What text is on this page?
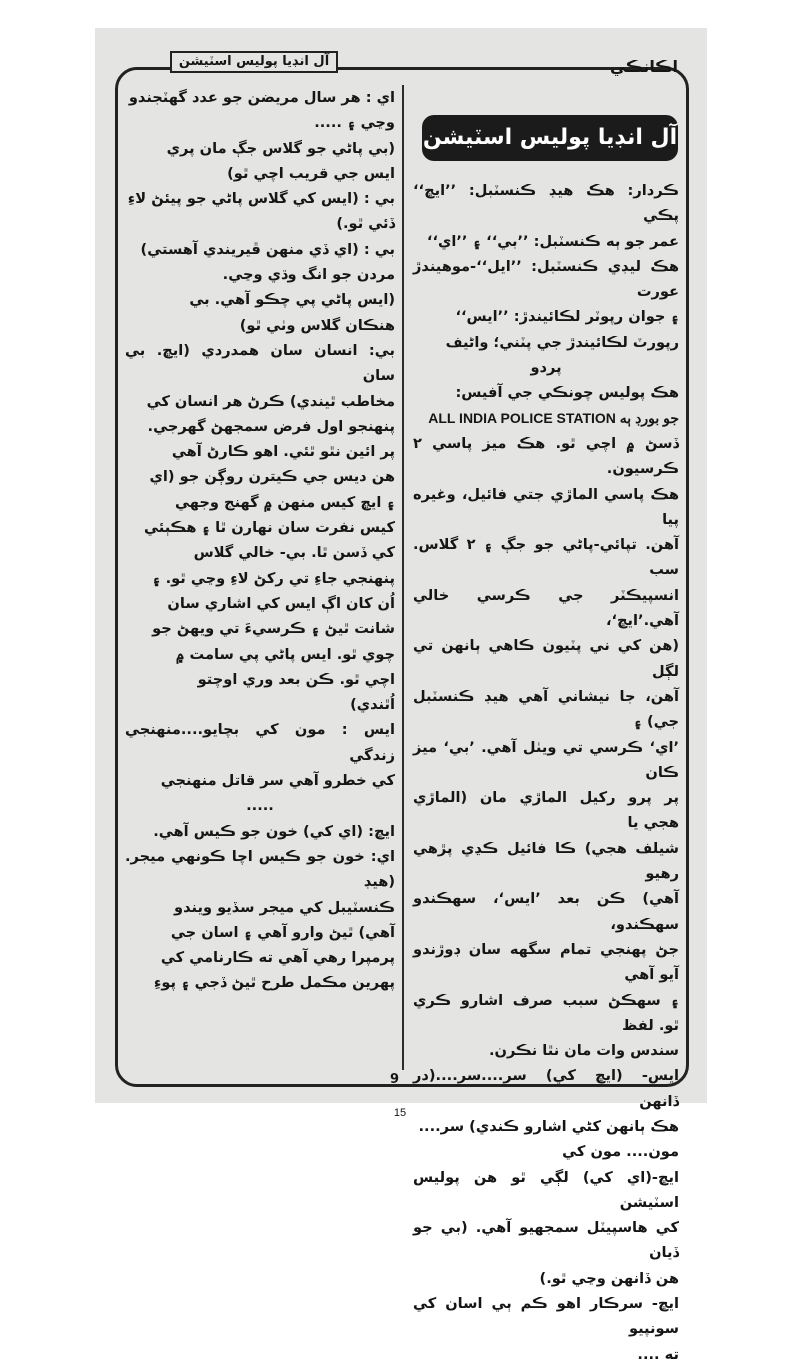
آل انڊيا پوليس اسٽيشن	اڪانڪي
آل انڊيا پوليس اسٽيشن

اي : هر سال مريضن جو عدد گهٽجندو

وڃي ۽ .....

(بي پاڻي جو گلاس جڳ مان پري

ايس جي قريب اچي ٿو)

بي : (ايس کي گلاس پاڻي جو پيئڻ لاءِ

ڏئي ٿو.)

بي : (اي ڏي منهن ڦيريندي آهستي)

مردن جو انگ وڌي وڃي.

(ايس پاڻي پي چڪو آهي. بي

هنڪان گلاس وٺي ٿو)

بي: انسان سان همدردي (ايڇ. بي سان

مخاطب ٿيندي) ڪرڻ هر انسان کي

پنهنجو اول فرض سمجهڻ گهرجي.

پر ائين نٿو ٿئي. اهو ڪارڻ آهي

هن ديس جي ڪيترن روڳن جو (اي

۽ ايڇ کيس منهن ۾ گهنج وجهي

کيس نفرت سان نهارن ٿا ۽ هڪٻئي

کي ڏسن ٿا. بي- خالي گلاس

پنهنجي جاءِ تي رکڻ لاءِ وڃي ٿو. ۽

اُن کان اڳ ايس کي اشاري سان

شانت ٿيڻ ۽ ڪرسيءَ تي ويهڻ جو

چوي ٿو. ايس پاڻي پي سامت ۾

اچي ٿو. ڪن بعد وري اوچتو

اُٿندي)

ايس : مون کي بچايو....منهنجي زندگي

کي خطرو آهي سر قاتل منهنجي

.....

ايڇ: (اي کي) خون جو ڪيس آهي.

اي: خون جو ڪيس اچا ڪونهي ميجر. (هيڊ

ڪنسٽيبل کي ميجر سڏيو ويندو

آهي) ٿيڻ وارو آهي ۽ اسان جي

پرمپرا رهي آهي ته ڪارنامي کي

پهرين مڪمل طرح ٿيڻ ڏجي ۽ پوءِ

ڪردار: هڪ هيڊ ڪنسٽبل: ’’ايڇ‘‘ پڪي

عمر جو ٻه ڪنسٽبل: ’’بي‘‘ ۽ ’’اي‘‘

هڪ ليڊي ڪنسٽبل: ’’ايل‘‘-موهيندڙ عورت

۽ جوان رپوٽر لڪائيندڙ: ’’ايس‘‘

رپورٽ لڪائيندڙ جي پٽني؛ واڻيف

پردو

هڪ پوليس چونڪي جي آفيس:

ALL INDIA POLICE STATION جو بورڊ ٻه

ڏسڻ ۾ اچي ٿو. هڪ ميز پاسي ٢ ڪرسيون.

هڪ پاسي الماڙي جتي فائيل، وغيره پيا

آهن. تپائي-پاڻي جو جڳ ۽ ٢ گلاس. سب

انسپيڪٽر جي ڪرسي خالي آهي.’ايڇ‘،

(هن کي ني پٽيون ڪاهي ٻانهن تي لڳل

آهن، جا نيشاني آهي هيڊ ڪنسٽبل جي) ۽

’اي‘ ڪرسي تي ويٺل آهي. ’بي‘ ميز ڪان

پر پرو رکيل الماڙي مان (الماڙي هجي يا

شيلف هجي) ڪا فائيل ڪڍي پڙهي رهيو

آهي) ڪن بعد ’ايس‘، سهڪندو سهڪندو،

جڻ پهنجي تمام سگهه سان ڊوڙندو آيو آهي

۽ سهڪڻ سبب صرف اشارو ڪري ٿو. لفظ

سندس وات مان نٿا نڪرن.

ايس- (ايڇ کي) سر....سر....(در ڏانهن

هڪ ٻانهن کڻي اشارو ڪندي) سر....

مون.... مون کي

ايڇ-(اي کي) لڳي ٿو هن پوليس اسٽيشن

کي هاسپيٽل سمجهيو آهي. (بي جو ڏيان

هن ڏانهن وڃي ٿو.)

ايڇ- سرڪار اهو ڪم ٻي اسان کي سونپيو

ته ....

9
15
